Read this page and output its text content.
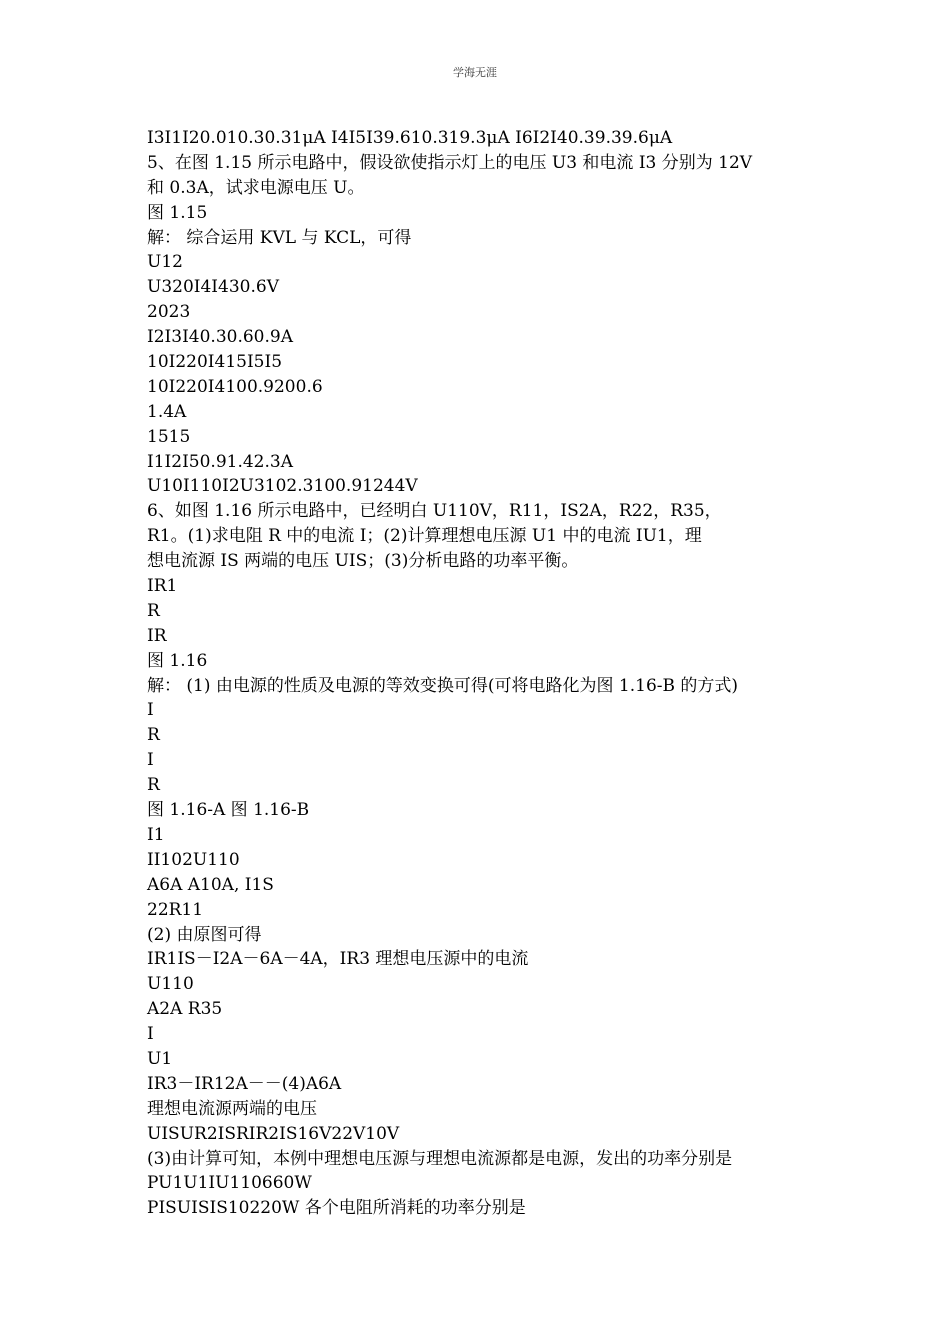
学海无涯
I3I1I20.010.30.31μA I4I5I39.610.319.3μA I6I2I40.39.39.6μA
5、在图 1.15 所示电路中，假设欲使指示灯上的电压 U3 和电流 I3 分别为 12V
和 0.3A，试求电源电压 U。
图 1.15
解： 综合运用 KVL 与 KCL，可得
U12
U320I4I430.6V
2023
I2I3I40.30.60.9A
10I220I415I5I5
10I220I4100.9200.6
1.4A
1515
I1I2I50.91.42.3A
U10I110I2U3102.3100.91244V
6、如图 1.16 所示电路中，已经明白 U110V，R11，IS2A，R22，R35，
R1。(1)求电阻 R 中的电流 I；(2)计算理想电压源 U1 中的电流 IU1，理
想电流源 IS 两端的电压 UIS；(3)分析电路的功率平衡。
IR1
R
IR
图 1.16
解： (1) 由电源的性质及电源的等效变换可得(可将电路化为图 1.16-B 的方式)
I
R
I
R
图 1.16-A 图 1.16-B
I1
II102U110
A6A A10A, I1S
22R11
(2) 由原图可得
IR1IS－I2A－6A－4A，IR3 理想电压源中的电流
U110
A2A R35
I
U1
IR3－IR12A－－(4)A6A
理想电流源两端的电压
UISUR2ISRIR2IS16V22V10V
(3)由计算可知，本例中理想电压源与理想电流源都是电源，发出的功率分别是
PU1U1IU110660W
PISUISIS10220W 各个电阻所消耗的功率分别是
